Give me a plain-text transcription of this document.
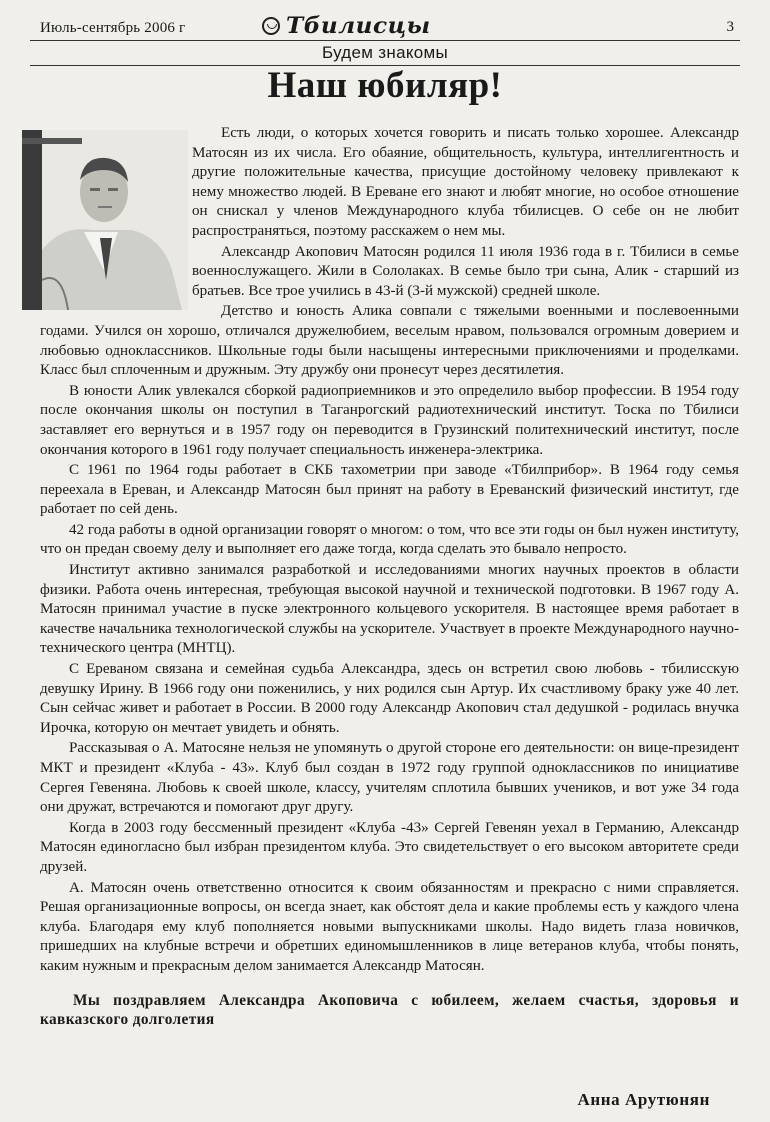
Июль-сентябрь 2006 г	Тбилисцы	3
Будем знакомы
Наш юбиляр!

Есть люди, о которых хочется говорить и писать только хорошее. Александр Матосян из их числа. Его обаяние, общительность, культура, интеллигентность и другие положительные качества, присущие достойному человеку привлекают к нему множество людей. В Ереване его знают и любят многие, но особое отношение он снискал у членов Международного клуба тбилисцев. О себе он не любит распространяться, поэтому расскажем о нем мы.

Александр Акопович Матосян родился 11 июля 1936 года в г. Тбилиси в семье военнослужащего. Жили в Сололаках. В семье было три сына, Алик - старший из братьев. Все трое учились в 43-й (3-й мужской) средней школе.

Детство и юность Алика совпали с тяжелыми военными и послевоенными годами. Учился он хорошо, отличался дружелюбием, веселым нравом, пользовался огромным доверием и любовью одноклассников. Школьные годы были насыщены интересными приключениями и проделками. Класс был сплоченным и дружным. Эту дружбу они пронесут через десятилетия.

В юности Алик увлекался сборкой радиоприемников и это определило выбор профессии. В 1954 году после окончания школы он поступил в Таганрогский радиотехнический институт. Тоска по Тбилиси заставляет его вернуться и в 1957 году он переводится в Грузинский политехнический институт, после окончания которого в 1961 году получает специальность инженера-электрика.

С 1961 по 1964 годы работает в СКБ тахометрии при заводе «Тбилприбор». В 1964 году семья переехала в Ереван, и Александр Матосян был принят на работу в Ереванский физический институт, где работает по сей день.

42 года работы в одной организации говорят о многом: о том, что все эти годы он был нужен институту, что он предан своему делу и выполняет его даже тогда, когда сделать это бывало непросто.

Институт активно занимался разработкой и исследованиями многих научных проектов в области физики. Работа очень интересная, требующая высокой научной и технической подготовки. В 1967 году А. Матосян принимал участие в пуске электронного кольцевого ускорителя. В настоящее время работает в качестве начальника технологической службы на ускорителе. Участвует в проекте Международного научно-технического центра (МНТЦ).

С Ереваном связана и семейная судьба Александра, здесь он встретил свою любовь - тбилисскую девушку Ирину. В 1966 году они поженились, у них родился сын Артур. Их счастливому браку уже 40 лет. Сын сейчас живет и работает в России. В 2000 году Александр Акопович стал дедушкой - родилась внучка Ирочка, которую он мечтает увидеть и обнять.

Рассказывая о А. Матосяне нельзя не упомянуть о другой стороне его деятельности: он вице-президент МКТ и президент «Клуба - 43». Клуб был создан в 1972 году группой одноклассников по инициативе Сергея Гевеняна. Любовь к своей школе, классу, учителям сплотила бывших учеников, и вот уже 34 года они дружат, встречаются и помогают друг другу.

Когда в 2003 году бессменный президент «Клуба -43» Сергей Гевенян уехал в Германию, Александр Матосян единогласно был избран президентом клуба. Это свидетельствует о его высоком авторитете среди друзей.

А. Матосян очень ответственно относится к своим обязанностям и прекрасно с ними справляется. Решая организационные вопросы, он всегда знает, как обстоят дела и какие проблемы есть у каждого члена клуба. Благодаря ему клуб пополняется новыми выпускниками школы. Надо видеть глаза новичков, пришедших на клубные встречи и обретших единомышленников в лице ветеранов клуба, чтобы понять, каким нужным и прекрасным делом занимается Александр Матосян.

Мы поздравляем Александра Акоповича с юбилеем, желаем счастья, здоровья и кавказского долголетия

Анна Арутюнян
